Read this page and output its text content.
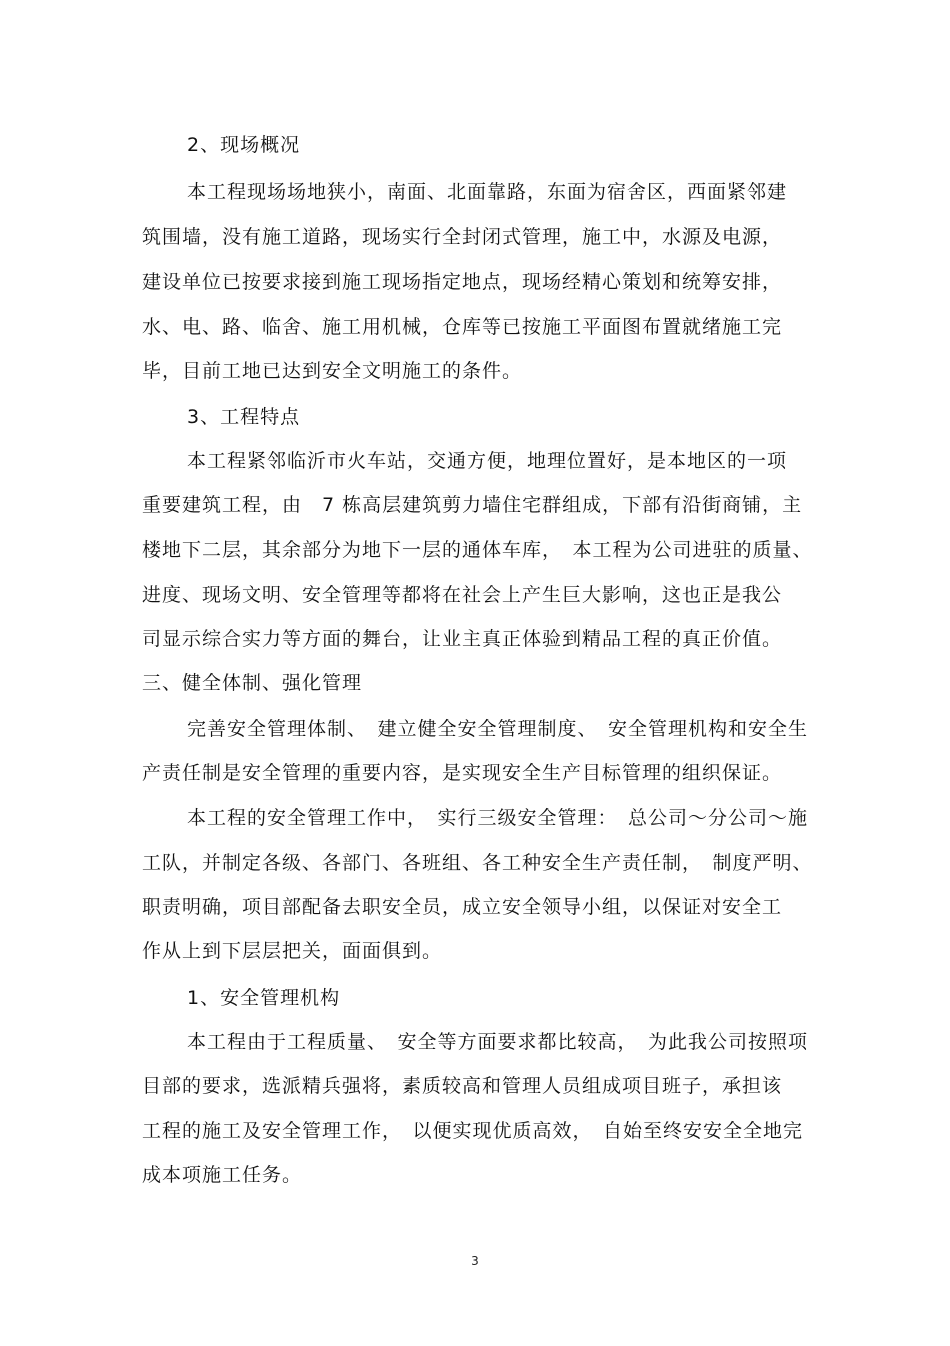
2、现场概况
本工程现场场地狭小，南面、北面靠路，东面为宿舍区，西面紧邻建
筑围墙，没有施工道路，现场实行全封闭式管理，施工中，水源及电源，
建设单位已按要求接到施工现场指定地点，现场经精心策划和统筹安排，
水、电、路、临舍、施工用机械，仓库等已按施工平面图布置就绪施工完
毕，目前工地已达到安全文明施工的条件。
3、工程特点
本工程紧邻临沂市火车站，交通方便，地理位置好，是本地区的一项
重要建筑工程，由　7 栋高层建筑剪力墙住宅群组成，下部有沿街商铺，主
楼地下二层，其余部分为地下一层的通体车库，　本工程为公司进驻的质量、
进度、现场文明、安全管理等都将在社会上产生巨大影响，这也正是我公
司显示综合实力等方面的舞台，让业主真正体验到精品工程的真正价值。
三、健全体制、强化管理
完善安全管理体制、　建立健全安全管理制度、　安全管理机构和安全生
产责任制是安全管理的重要内容，是实现安全生产目标管理的组织保证。
本工程的安全管理工作中，　实行三级安全管理：　总公司～分公司～施
工队，并制定各级、各部门、各班组、各工种安全生产责任制，　制度严明、
职责明确，项目部配备去职安全员，成立安全领导小组，以保证对安全工
作从上到下层层把关，面面俱到。
1、安全管理机构
本工程由于工程质量、　安全等方面要求都比较高，　为此我公司按照项
目部的要求，选派精兵强将，素质较高和管理人员组成项目班子，承担该
工程的施工及安全管理工作，　以便实现优质高效，　自始至终安安全全地完
成本项施工任务。
3
